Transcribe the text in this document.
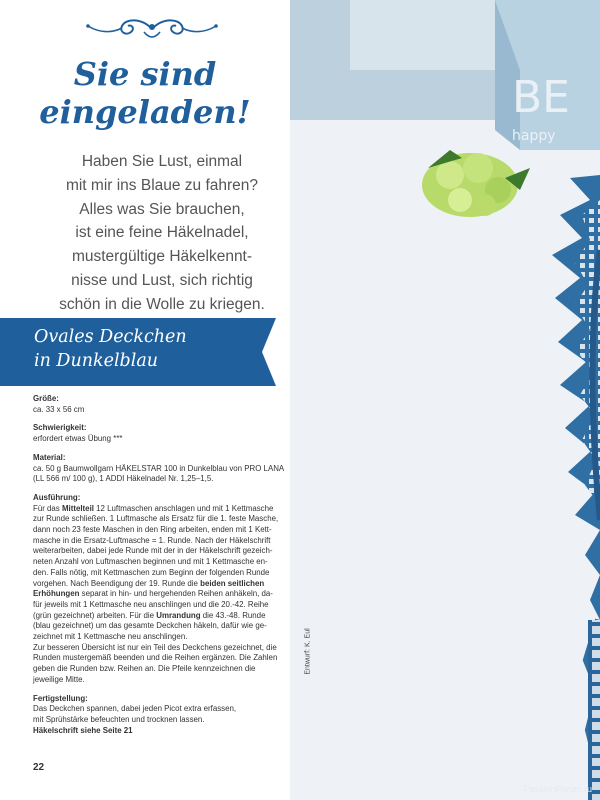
Sie sind
eingeladen!
Haben Sie Lust, einmal
mit mir ins Blaue zu fahren?
Alles was Sie brauchen,
ist eine feine Häkelnadel,
mustergültige Häkelkennt-
nisse und Lust, sich richtig
schön in die Wolle zu kriegen.
Ovales Deckchen
in Dunkelblau

Größe:
ca. 33 x 56 cm

Schwierigkeit:
erfordert etwas Übung ***

Material:
ca. 50 g Baumwollgarn HÄKELSTAR 100 in Dunkelblau von PRO LANA
(LL 566 m/ 100 g), 1 ADDI Häkelnadel Nr. 1,25–1,5.

Ausführung:
Für das Mittelteil 12 Luftmaschen anschlagen und mit 1 Kettmasche
zur Runde schließen. 1 Luftmasche als Ersatz für die 1. feste Masche,
dann noch 23 feste Maschen in den Ring arbeiten, enden mit 1 Kett-
masche in die Ersatz-Luftmasche = 1. Runde. Nach der Häkelschrift
weiterarbeiten, dabei jede Runde mit der in der Häkelschrift gezeich-
neten Anzahl von Luftmaschen beginnen und mit 1 Kettmasche en-
den. Falls nötig, mit Kettmaschen zum Beginn der folgenden Runde
vorgehen. Nach Beendigung der 19. Runde die beiden seitlichen
Erhöhungen separat in hin- und hergehenden Reihen anhäkeln, da-
für jeweils mit 1 Kettmasche neu anschlingen und die 20.-42. Reihe
(grün gezeichnet) arbeiten. Für die Umrandung die 43.-48. Runde
(blau gezeichnet) um das gesamte Deckchen häkeln, dafür wie ge-
zeichnet mit 1 Kettmasche neu anschlingen.
Zur besseren Übersicht ist nur ein Teil des Deckchens gezeichnet, die
Runden mustergemäß beenden und die Reihen ergänzen. Die Zahlen
geben die Runden bzw. Reihen an. Die Pfeile kennzeichnen die
jeweilige Mitte.

Fertigstellung:
Das Deckchen spannen, dabei jeden Picot extra erfassen,
mit Sprühstärke befeuchten und trocknen lassen.
Häkelschrift siehe Seite 21

22
BE
happy
PassionForum.ru
Entwurf: K. Eul
